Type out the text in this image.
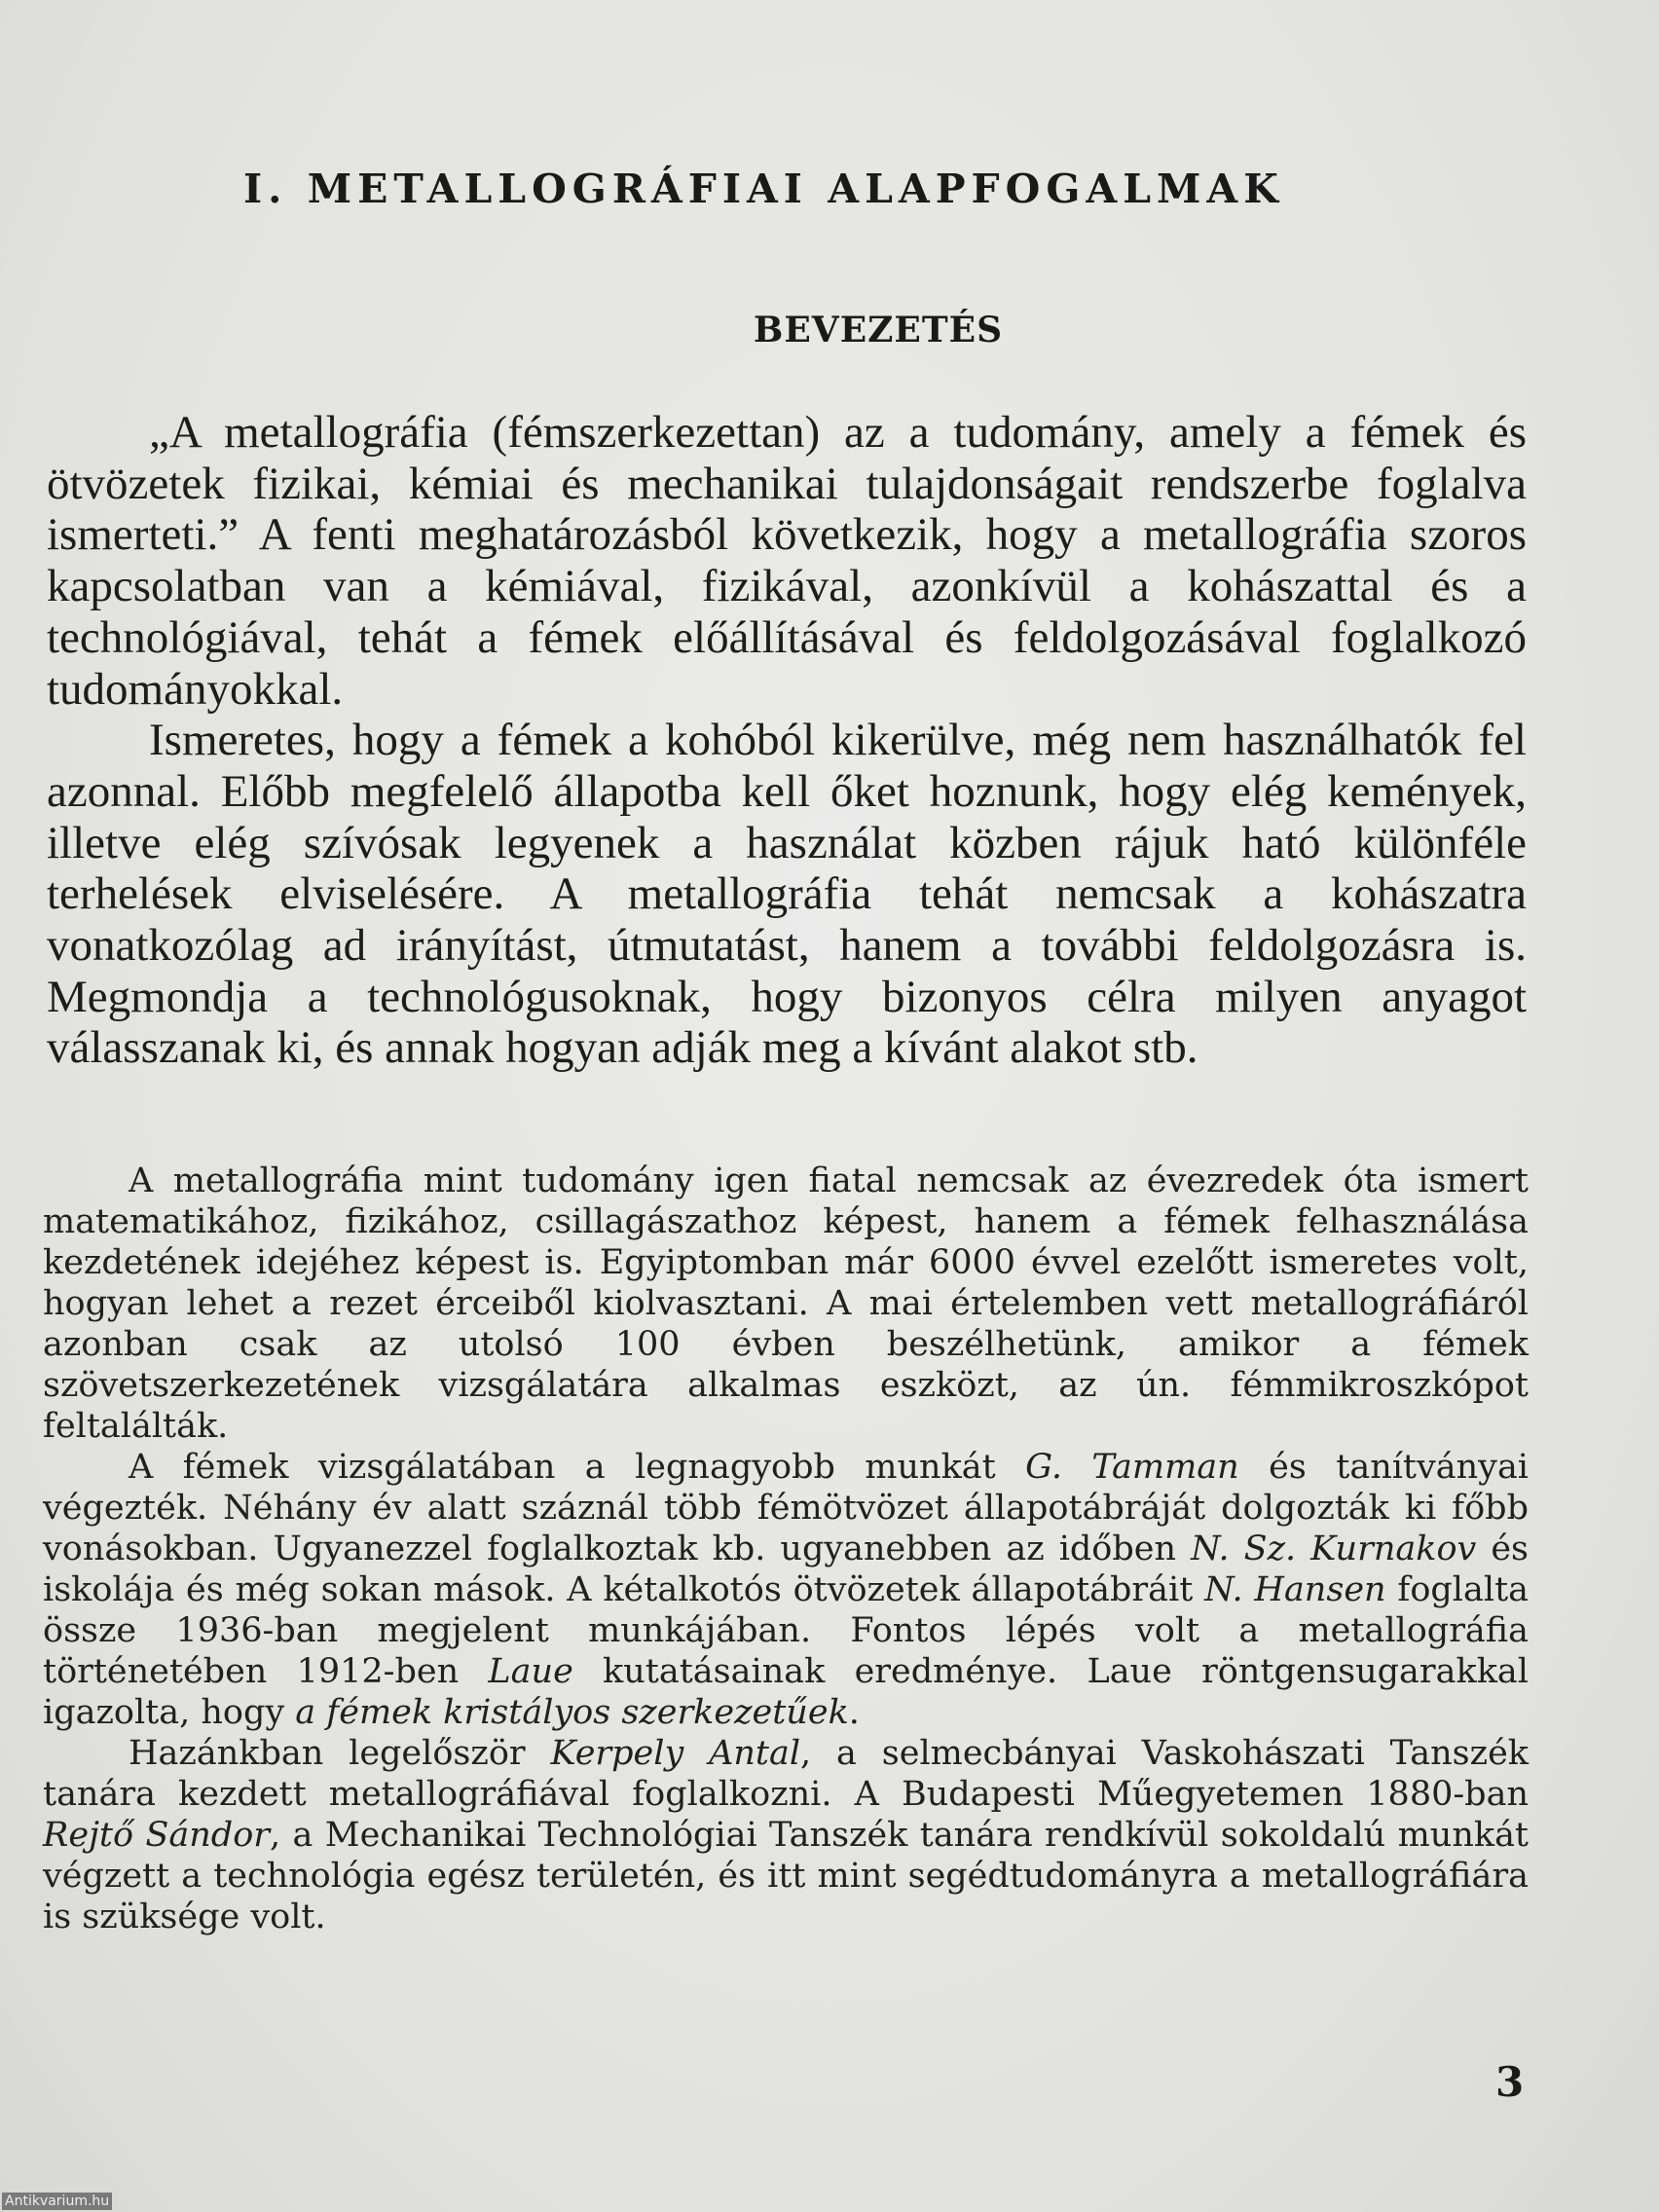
I. METALLOGRÁFIAI ALAPFOGALMAK
BEVEZETÉS

„A metallográfia (fémszerkezettan) az a tudomány, amely a fémek és ötvözetek fizikai, kémiai és mechanikai tulajdonságait rendszerbe foglalva ismerteti.” A fenti meghatározásból következik, hogy a metallográfia szoros kapcsolatban van a kémiával, fizikával, azonkívül a kohászattal és a technológiával, tehát a fémek előállításával és feldolgozásával foglalkozó tudományokkal.

Ismeretes, hogy a fémek a kohóból kikerülve, még nem használhatók fel azonnal. Előbb megfelelő állapotba kell őket hoznunk, hogy elég kemények, illetve elég szívósak legyenek a használat közben rájuk ható különféle terhelések elviselésére. A metallográfia tehát nemcsak a kohászatra vonatkozólag ad irányítást, útmutatást, hanem a további feldolgozásra is. Megmondja a technológusoknak, hogy bizonyos célra milyen anyagot válasszanak ki, és annak hogyan adják meg a kívánt alakot stb.

A metallográfia mint tudomány igen fiatal nemcsak az évezredek óta ismert matematikához, fizikához, csillagászathoz képest, hanem a fémek felhasználása kezdetének idejéhez képest is. Egyiptomban már 6000 évvel ezelőtt ismeretes volt, hogyan lehet a rezet érceiből kiolvasztani. A mai értelemben vett metallográfiáról azonban csak az utolsó 100 évben beszélhetünk, amikor a fémek szövetszerkezetének vizsgálatára alkalmas eszközt, az ún. fémmikroszkópot feltalálták.

A fémek vizsgálatában a legnagyobb munkát G. Tamman és tanítványai végezték. Néhány év alatt száznál több fémötvözet állapotábráját dolgozták ki főbb vonásokban. Ugyanezzel foglalkoztak kb. ugyanebben az időben N. Sz. Kurnakov és iskolája és még sokan mások. A kétalkotós ötvözetek állapotábráit N. Hansen foglalta össze 1936-ban megjelent munkájában. Fontos lépés volt a metallográfia történetében 1912-ben Laue kutatásainak eredménye. Laue röntgensugarakkal igazolta, hogy a fémek kristályos szerkezetűek.

Hazánkban legelőször Kerpely Antal, a selmecbányai Vaskohászati Tanszék tanára kezdett metallográfiával foglalkozni. A Budapesti Műegyetemen 1880-ban Rejtő Sándor, a Mechanikai Technológiai Tanszék tanára rendkívül sokoldalú munkát végzett a technológia egész területén, és itt mint segédtudományra a metallográfiára is szüksége volt.

3
Antikvarium.hu
